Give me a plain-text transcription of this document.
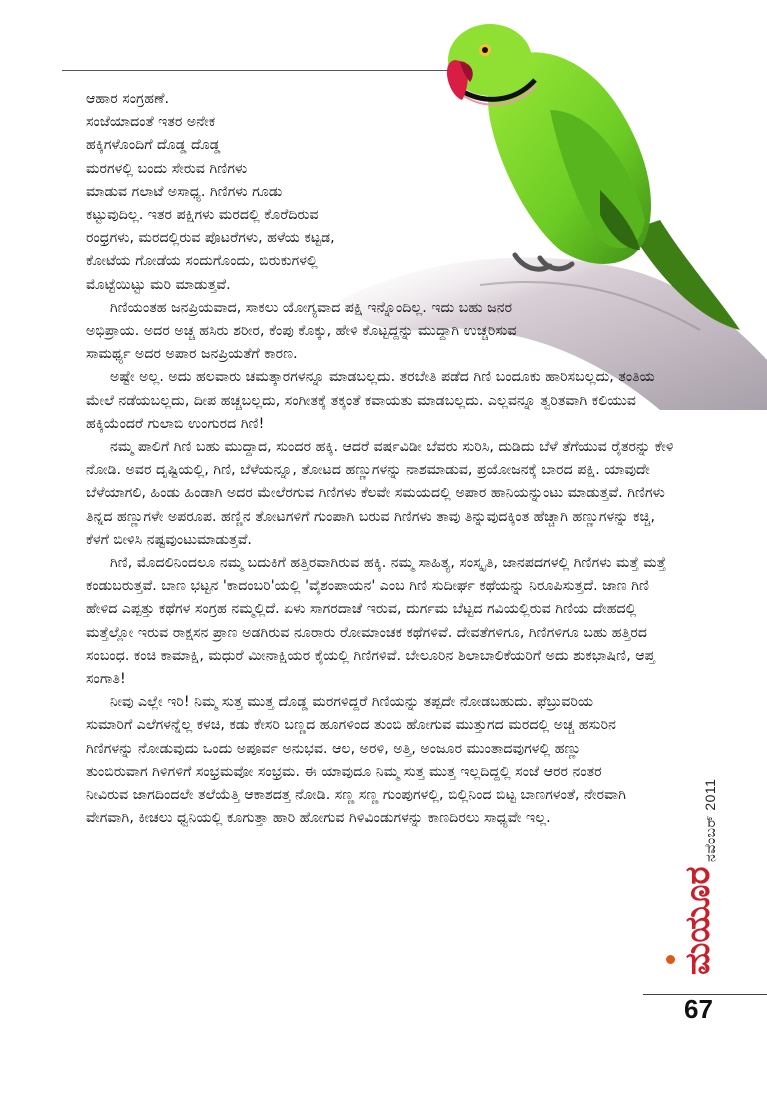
ಆಹಾರ ಸಂಗ್ರಹಣೆ.
ಸಂಜೆಯಾದಂತೆ ಇತರ ಅನೇಕ
ಹಕ್ಕಿಗಳೊಂದಿಗೆ ದೊಡ್ಡ ದೊಡ್ಡ
ಮರಗಳಲ್ಲಿ ಬಂದು ಸೇರುವ ಗಿಣಿಗಳು
ಮಾಡುವ ಗಲಾಟೆ ಅಸಾಧ್ಯ. ಗಿಣಿಗಳು ಗೂಡು
ಕಟ್ಟುವುದಿಲ್ಲ. ಇತರ ಪಕ್ಷಿಗಳು ಮರದಲ್ಲಿ ಕೊರೆದಿರುವ
ರಂಧ್ರಗಳು, ಮರದಲ್ಲಿರುವ ಪೊಟರೆಗಳು, ಹಳೆಯ ಕಟ್ಟಡ,
ಕೋಟೆಯ ಗೋಡೆಯ ಸಂದುಗೊಂದು, ಬಿರುಕುಗಳಲ್ಲಿ
ಮೊಟ್ಟೆಯಿಟ್ಟು ಮರಿ ಮಾಡುತ್ತವೆ.

ಗಿಣಿಯಂತಹ ಜನಪ್ರಿಯವಾದ, ಸಾಕಲು ಯೋಗ್ಯವಾದ ಪಕ್ಷಿ ಇನ್ನೊಂದಿಲ್ಲ. ಇದು ಬಹು ಜನರ ಅಭಿಪ್ರಾಯ. ಅದರ ಅಚ್ಚ ಹಸಿರು ಶರೀರ, ಕೆಂಪು ಕೊಕ್ಕು, ಹೇಳಿ ಕೊಟ್ಟದ್ದನ್ನು ಮುದ್ದಾಗಿ ಉಚ್ಚರಿಸುವ ಸಾಮರ್ಥ್ಯ ಅದರ ಅಪಾರ ಜನಪ್ರಿಯತೆಗೆ ಕಾರಣ.

ಅಷ್ಟೇ ಅಲ್ಲ. ಅದು ಹಲವಾರು ಚಮತ್ಕಾರಗಳನ್ನೂ ಮಾಡಬಲ್ಲದು. ತರಬೇತಿ ಪಡೆದ ಗಿಣಿ ಬಂದೂಕು ಹಾರಿಸಬಲ್ಲದು, ತಂತಿಯ ಮೇಲೆ ನಡೆಯಬಲ್ಲದು, ದೀಪ ಹಚ್ಚಬಲ್ಲದು, ಸಂಗೀತಕ್ಕೆ ತಕ್ಕಂತೆ ಕವಾಯತು ಮಾಡಬಲ್ಲದು. ಎಲ್ಲವನ್ನೂ ತ್ವರಿತವಾಗಿ ಕಲಿಯುವ ಹಕ್ಕಿಯೆಂದರೆ ಗುಲಾಬಿ ಉಂಗುರದ ಗಿಣಿ!

ನಮ್ಮ ಪಾಲಿಗೆ ಗಿಣಿ ಬಹು ಮುದ್ದಾದ, ಸುಂದರ ಹಕ್ಕಿ. ಆದರೆ ವರ್ಷವಿಡೀ ಬೆವರು ಸುರಿಸಿ, ದುಡಿದು ಬೆಳೆ ತೆಗೆಯುವ ರೈತರನ್ನು ಕೇಳಿ ನೋಡಿ. ಅವರ ದೃಷ್ಟಿಯಲ್ಲಿ, ಗಿಣಿ, ಬೆಳೆಯನ್ನೂ, ತೋಟದ ಹಣ್ಣುಗಳನ್ನು ನಾಶಮಾಡುವ, ಪ್ರಯೋಜನಕ್ಕೆ ಬಾರದ ಪಕ್ಷಿ. ಯಾವುದೇ ಬೆಳೆಯಾಗಲಿ, ಹಿಂಡು ಹಿಂಡಾಗಿ ಅದರ ಮೇಲೆರಗುವ ಗಿಣಿಗಳು ಕೆಲವೇ ಸಮಯದಲ್ಲಿ ಅಪಾರ ಹಾನಿಯನ್ನುಂಟು ಮಾಡುತ್ತವೆ. ಗಿಣಿಗಳು ತಿನ್ನದ ಹಣ್ಣುಗಳೇ ಅಪರೂಪ. ಹಣ್ಣಿನ ತೋಟಗಳಿಗೆ ಗುಂಪಾಗಿ ಬರುವ ಗಿಣಿಗಳು ತಾವು ತಿನ್ನುವುದಕ್ಕಿಂತ ಹೆಚ್ಚಾಗಿ ಹಣ್ಣುಗಳನ್ನು ಕಚ್ಚಿ, ಕೆಳಗೆ ಬೀಳಿಸಿ ನಷ್ಟವುಂಟುಮಾಡುತ್ತವೆ.

ಗಿಣಿ, ಮೊದಲಿನಿಂದಲೂ ನಮ್ಮ ಬದುಕಿಗೆ ಹತ್ತಿರವಾಗಿರುವ ಹಕ್ಕಿ. ನಮ್ಮ ಸಾಹಿತ್ಯ, ಸಂಸ್ಕೃತಿ, ಜಾನಪದಗಳಲ್ಲಿ ಗಿಣಿಗಳು ಮತ್ತೆ ಮತ್ತೆ ಕಂಡುಬರುತ್ತವೆ. ಬಾಣ ಭಟ್ಟನ 'ಕಾದಂಬರಿ'ಯಲ್ಲಿ 'ವೈಶಂಪಾಯನ' ಎಂಬ ಗಿಣಿ ಸುದೀರ್ಘ ಕಥೆಯನ್ನು ನಿರೂಪಿಸುತ್ತದೆ. ಜಾಣ ಗಿಣಿ ಹೇಳಿದ ಎಪ್ಪತ್ತು ಕಥೆಗಳ ಸಂಗ್ರಹ ನಮ್ಮಲ್ಲಿದೆ. ಏಳು ಸಾಗರದಾಚೆ ಇರುವ, ದುರ್ಗಮ ಬೆಟ್ಟದ ಗವಿಯಲ್ಲಿರುವ ಗಿಣಿಯ ದೇಹದಲ್ಲಿ ಮತ್ತೆಲ್ಲೋ ಇರುವ ರಾಕ್ಷಸನ ಪ್ರಾಣ ಅಡಗಿರುವ ನೂರಾರು ರೋಮಾಂಚಕ ಕಥೆಗಳಿವೆ. ದೇವತೆಗಳಿಗೂ, ಗಿಣಿಗಳಿಗೂ ಬಹು ಹತ್ತಿರದ ಸಂಬಂಧ. ಕಂಚಿ ಕಾಮಾಕ್ಷಿ, ಮಧುರೆ ಮೀನಾಕ್ಷಿಯರ ಕೈಯಲ್ಲಿ ಗಿಣಿಗಳಿವೆ. ಬೇಲೂರಿನ ಶಿಲಾಬಾಲಿಕೆಯರಿಗೆ ಅದು ಶುಕಭಾಷಿಣಿ, ಆಪ್ತ ಸಂಗಾತಿ!

ನೀವು ಎಲ್ಲೇ ಇರಿ! ನಿಮ್ಮ ಸುತ್ತ ಮುತ್ತ ದೊಡ್ಡ ಮರಗಳಿದ್ದರೆ ಗಿಣಿಯನ್ನು ತಪ್ಪದೇ ನೋಡಬಹುದು. ಫೆಬ್ರುವರಿಯ ಸುಮಾರಿಗೆ ಎಲೆಗಳನ್ನೆಲ್ಲ ಕಳಚಿ, ಕಡು ಕೇಸರಿ ಬಣ್ಣದ ಹೂಗಳಿಂದ ತುಂಬಿ ಹೋಗುವ ಮುತ್ತುಗದ ಮರದಲ್ಲಿ ಅಚ್ಚ ಹಸುರಿನ ಗಿಣಿಗಳನ್ನು ನೋಡುವುದು ಒಂದು ಅಪೂರ್ವ ಅನುಭವ. ಆಲ, ಅರಳಿ, ಅತ್ತಿ, ಅಂಜೂರ ಮುಂತಾದವುಗಳಲ್ಲಿ ಹಣ್ಣು ತುಂಬಿರುವಾಗ ಗಿಳಿಗಳಿಗೆ ಸಂಭ್ರಮವೋ ಸಂಭ್ರಮ. ಈ ಯಾವುದೂ ನಿಮ್ಮ ಸುತ್ತ ಮುತ್ತ ಇಲ್ಲದಿದ್ದಲ್ಲಿ ಸಂಜೆ ಆರರ ನಂತರ ನೀವಿರುವ ಜಾಗದಿಂದಲೇ ತಲೆಯೆತ್ತಿ ಆಕಾಶದತ್ತ ನೋಡಿ. ಸಣ್ಣ ಸಣ್ಣ ಗುಂಪುಗಳಲ್ಲಿ, ಬಿಲ್ಲಿನಿಂದ ಬಿಟ್ಟ ಬಾಣಗಳಂತೆ, ನೇರವಾಗಿ ವೇಗವಾಗಿ, ಕೀಚಲು ಧ್ವನಿಯಲ್ಲಿ ಕೂಗುತ್ತಾ ಹಾರಿ ಹೋಗುವ ಗಿಳಿವಿಂಡುಗಳನ್ನು ಕಾಣದಿರಲು ಸಾಧ್ಯವೇ ಇಲ್ಲ.	ನವೆಂಬರ್ 2011
ಮಯೂರ
67
